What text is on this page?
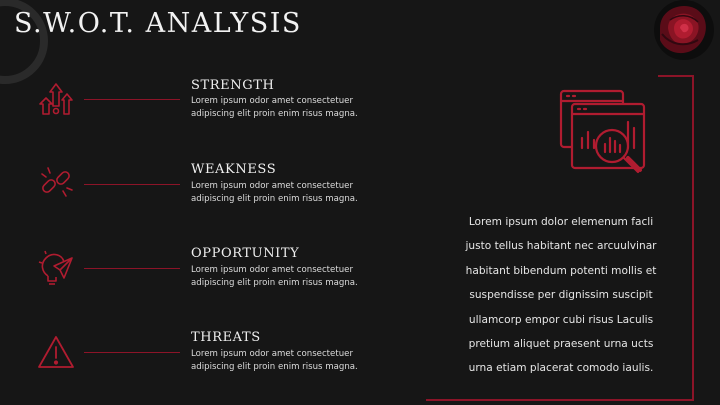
S.W.O.T. ANALYSIS
STRENGTH
Lorem ipsum odor amet consectetuer
adipiscing elit proin enim risus magna.
WEAKNESS
Lorem ipsum odor amet consectetuer
adipiscing elit proin enim risus magna.
OPPORTUNITY
Lorem ipsum odor amet consectetuer
adipiscing elit proin enim risus magna.
THREATS
Lorem ipsum odor amet consectetuer
adipiscing elit proin enim risus magna.
Lorem ipsum dolor elemenum facli
justo tellus habitant nec arcuulvinar
habitant bibendum potenti mollis et
suspendisse per dignissim suscipit
ullamcorp empor cubi risus Laculis
pretium aliquet praesent urna ucts
urna etiam placerat comodo iaulis.
